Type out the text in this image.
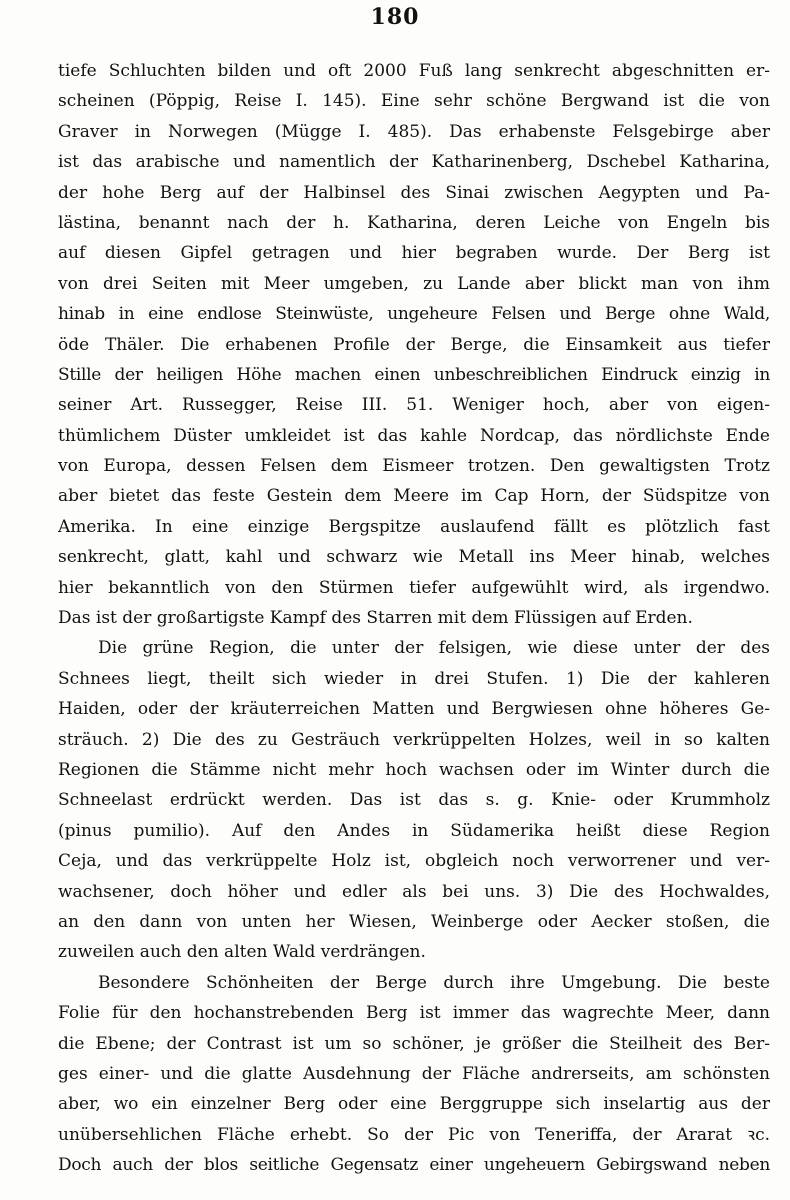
180
tiefe Schluchten bilden und oft 2000 Fuß lang senkrecht abgeschnitten er-
scheinen (Pöppig, Reise I. 145). Eine sehr schöne Bergwand ist die von
Graver in Norwegen (Mügge I. 485). Das erhabenste Felsgebirge aber
ist das arabische und namentlich der Katharinenberg, Dschebel Katharina,
der hohe Berg auf der Halbinsel des Sinai zwischen Aegypten und Pa-
lästina, benannt nach der h. Katharina, deren Leiche von Engeln bis
auf diesen Gipfel getragen und hier begraben wurde. Der Berg ist
von drei Seiten mit Meer umgeben, zu Lande aber blickt man von ihm
hinab in eine endlose Steinwüste, ungeheure Felsen und Berge ohne Wald,
öde Thäler. Die erhabenen Profile der Berge, die Einsamkeit aus tiefer
Stille der heiligen Höhe machen einen unbeschreiblichen Eindruck einzig in
seiner Art. Russegger, Reise III. 51. Weniger hoch, aber von eigen-
thümlichem Düster umkleidet ist das kahle Nordcap, das nördlichste Ende
von Europa, dessen Felsen dem Eismeer trotzen. Den gewaltigsten Trotz
aber bietet das feste Gestein dem Meere im Cap Horn, der Südspitze von
Amerika. In eine einzige Bergspitze auslaufend fällt es plötzlich fast
senkrecht, glatt, kahl und schwarz wie Metall ins Meer hinab, welches
hier bekanntlich von den Stürmen tiefer aufgewühlt wird, als irgendwo.
Das ist der großartigste Kampf des Starren mit dem Flüssigen auf Erden.
Die grüne Region, die unter der felsigen, wie diese unter der des
Schnees liegt, theilt sich wieder in drei Stufen. 1) Die der kahleren
Haiden, oder der kräuterreichen Matten und Bergwiesen ohne höheres Ge-
sträuch. 2) Die des zu Gesträuch verkrüppelten Holzes, weil in so kalten
Regionen die Stämme nicht mehr hoch wachsen oder im Winter durch die
Schneelast erdrückt werden. Das ist das s. g. Knie- oder Krummholz
(pinus pumilio). Auf den Andes in Südamerika heißt diese Region
Ceja, und das verkrüppelte Holz ist, obgleich noch verworrener und ver-
wachsener, doch höher und edler als bei uns. 3) Die des Hochwaldes,
an den dann von unten her Wiesen, Weinberge oder Aecker stoßen, die
zuweilen auch den alten Wald verdrängen.
Besondere Schönheiten der Berge durch ihre Umgebung. Die beste
Folie für den hochanstrebenden Berg ist immer das wagrechte Meer, dann
die Ebene; der Contrast ist um so schöner, je größer die Steilheit des Ber-
ges einer- und die glatte Ausdehnung der Fläche andrerseits, am schönsten
aber, wo ein einzelner Berg oder eine Berggruppe sich inselartig aus der
unübersehlichen Fläche erhebt. So der Pic von Teneriffa, der Ararat ꝛc.
Doch auch der blos seitliche Gegensatz einer ungeheuern Gebirgswand neben
